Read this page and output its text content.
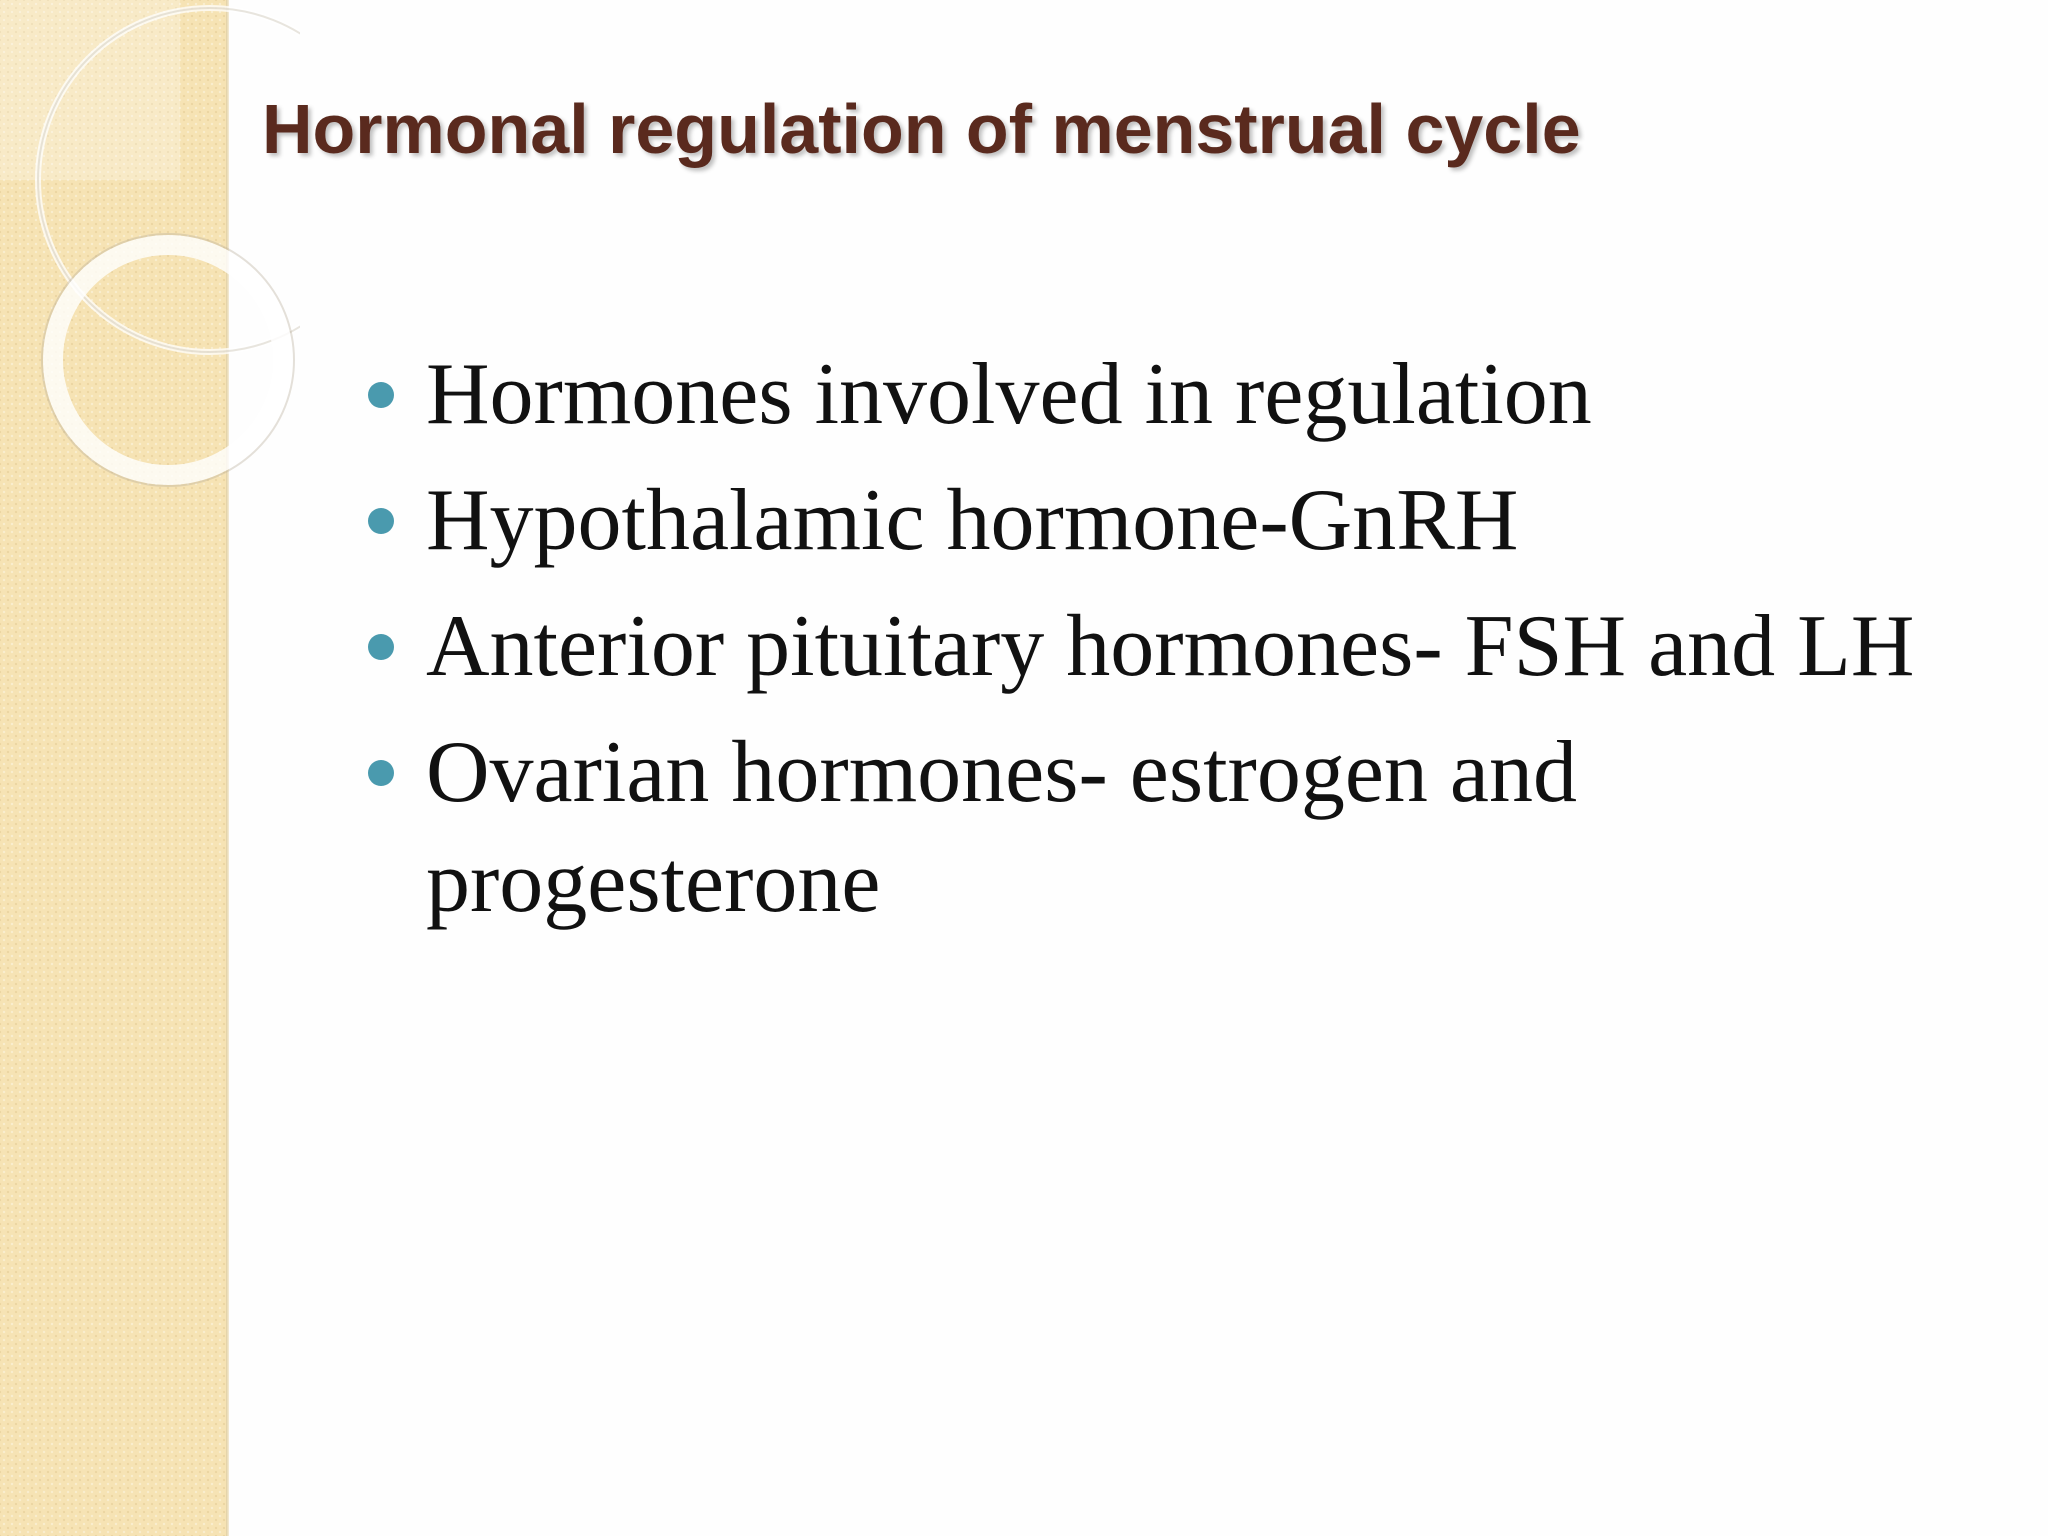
Hormonal regulation of menstrual cycle
Hormones involved in regulation
Hypothalamic hormone-GnRH
Anterior pituitary hormones- FSH and LH
Ovarian hormones- estrogen and progesterone
